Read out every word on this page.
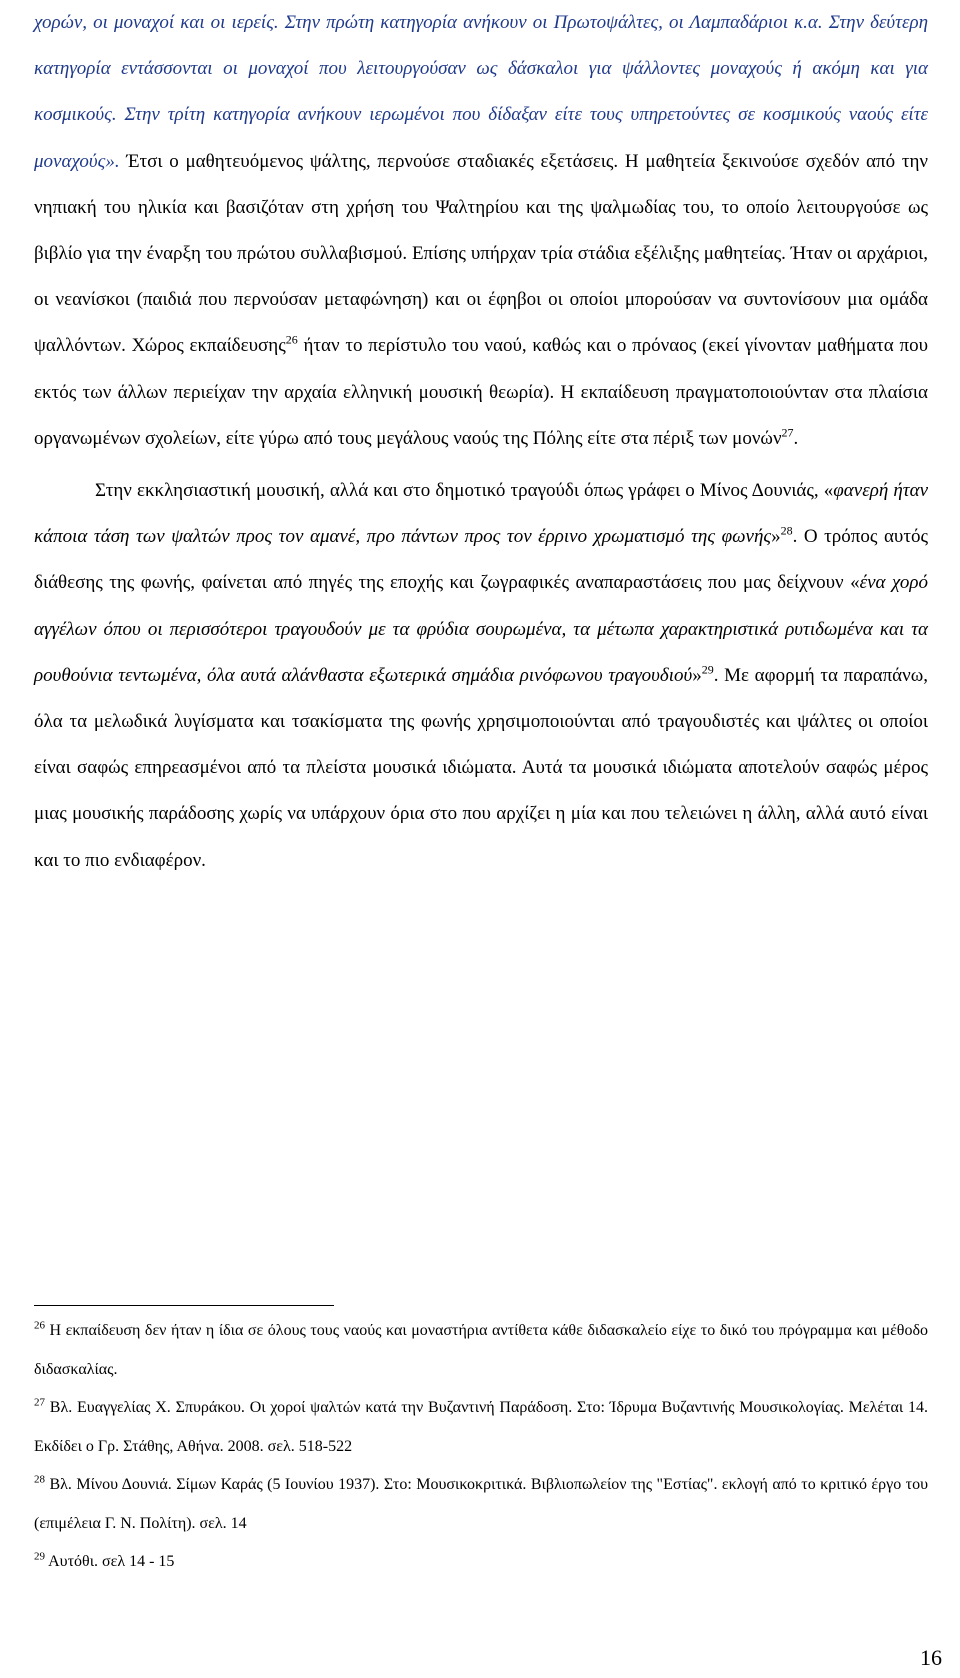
χορών, οι μοναχοί και οι ιερείς. Στην πρώτη κατηγορία ανήκουν οι Πρωτοψάλτες, οι Λαμπαδάριοι κ.α. Στην δεύτερη κατηγορία εντάσσονται οι μοναχοί που λειτουργούσαν ως δάσκαλοι για ψάλλοντες μοναχούς ή ακόμη και για κοσμικούς. Στην τρίτη κατηγορία ανήκουν ιερωμένοι που δίδαξαν είτε τους υπηρετούντες σε κοσμικούς ναούς είτε μοναχούς». Έτσι ο μαθητευόμενος ψάλτης, περνούσε σταδιακές εξετάσεις. Η μαθητεία ξεκινούσε σχεδόν από την νηπιακή του ηλικία και βασιζόταν στη χρήση του Ψαλτηρίου και της ψαλμωδίας του, το οποίο λειτουργούσε ως βιβλίο για την έναρξη του πρώτου συλλαβισμού. Επίσης υπήρχαν τρία στάδια εξέλιξης μαθητείας. Ήταν οι αρχάριοι, οι νεανίσκοι (παιδιά που περνούσαν μεταφώνηση) και οι έφηβοι οι οποίοι μπορούσαν να συντονίσουν μια ομάδα ψαλλόντων. Χώρος εκπαίδευσης$^{26}$ ήταν το περίστυλο του ναού, καθώς και ο πρόναος (εκεί γίνονταν μαθήματα που εκτός των άλλων περιείχαν την αρχαία ελληνική μουσική θεωρία). Η εκπαίδευση πραγματοποιούνταν στα πλαίσια οργανωμένων σχολείων, είτε γύρω από τους μεγάλους ναούς της Πόλης είτε στα πέριξ των μονών$^{27}$.

Στην εκκλησιαστική μουσική, αλλά και στο δημοτικό τραγούδι όπως γράφει ο Μίνος Δουνιάς, «φανερή ήταν κάποια τάση των ψαλτών προς τον αμανέ, προ πάντων προς τον έρρινο χρωματισμό της φωνής»$^{28}$. Ο τρόπος αυτός διάθεσης της φωνής, φαίνεται από πηγές της εποχής και ζωγραφικές αναπαραστάσεις που μας δείχνουν «ένα χορό αγγέλων όπου οι περισσότεροι τραγουδούν με τα φρύδια σουρωμένα, τα μέτωπα χαρακτηριστικά ρυτιδωμένα και τα ρουθούνια τεντωμένα, όλα αυτά αλάνθαστα εξωτερικά σημάδια ρινόφωνου τραγουδιού»$^{29}$. Με αφορμή τα παραπάνω, όλα τα μελωδικά λυγίσματα και τσακίσματα της φωνής χρησιμοποιούνται από τραγουδιστές και ψάλτες οι οποίοι είναι σαφώς επηρεασμένοι από τα πλείστα μουσικά ιδιώματα. Αυτά τα μουσικά ιδιώματα αποτελούν σαφώς μέρος μιας μουσικής παράδοσης χωρίς να υπάρχουν όρια στο που αρχίζει η μία και που τελειώνει η άλλη, αλλά αυτό είναι και το πιο ενδιαφέρον.

$^{26}$ Η εκπαίδευση δεν ήταν η ίδια σε όλους τους ναούς και μοναστήρια αντίθετα κάθε διδασκαλείο είχε το δικό του πρόγραμμα και μέθοδο διδασκαλίας.

$^{27}$ Βλ. Ευαγγελίας Χ. Σπυράκου. Οι χοροί ψαλτών κατά την Βυζαντινή Παράδοση. Στο: Ίδρυμα Βυζαντινής Μουσικολογίας. Μελέται 14. Εκδίδει ο Γρ. Στάθης, Αθήνα. 2008. σελ. 518-522

$^{28}$ Βλ. Μίνου Δουνιά. Σίμων Καράς (5 Ιουνίου 1937). Στο: Μουσικοκριτικά. Βιβλιοπωλείον της "Εστίας". εκλογή από το κριτικό έργο του (επιμέλεια Γ. Ν. Πολίτη). σελ. 14

$^{29}$ Αυτόθι. σελ 14 - 15

16
